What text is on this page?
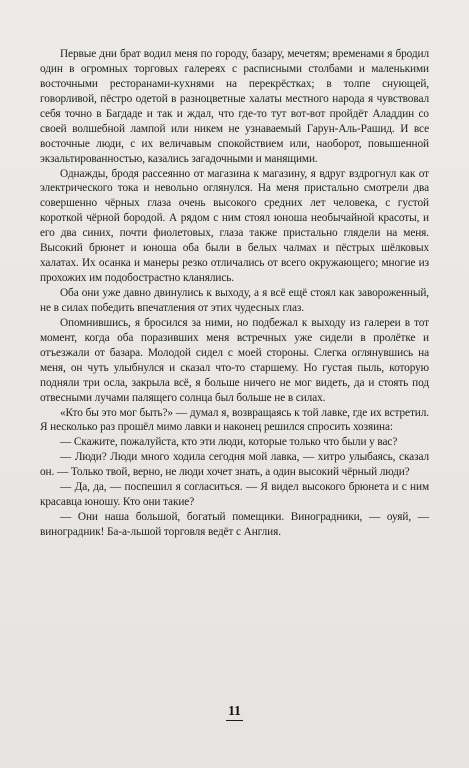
Первые дни брат водил меня по городу, базару, мечетям; временами я бродил один в огромных торговых галереях с расписными столбами и маленькими восточными ресторанами-кухнями на перекрёстках; в толпе снующей, говорливой, пёстро одетой в разноцветные халаты местного народа я чувствовал себя точно в Багдаде и так и ждал, что где-то тут вот-вот пройдёт Аладдин со своей волшебной лампой или никем не узнаваемый Гарун-Аль-Рашид. И все восточные люди, с их величавым спокойствием или, наоборот, повышенной экзальтированностью, казались загадочными и манящими.

Однажды, бродя рассеянно от магазина к магазину, я вдруг вздрогнул как от электрического тока и невольно оглянулся. На меня пристально смотрели два совершенно чёрных глаза очень высокого средних лет человека, с густой короткой чёрной бородой. А рядом с ним стоял юноша необычайной красоты, и его два синих, почти фиолетовых, глаза также пристально глядели на меня. Высокий брюнет и юноша оба были в белых чалмах и пёстрых шёлковых халатах. Их осанка и манеры резко отличались от всего окружающего; многие из прохожих им подобострастно кланялись.

Оба они уже давно двинулись к выходу, а я всё ещё стоял как завороженный, не в силах победить впечатления от этих чудесных глаз.

Опомнившись, я бросился за ними, но подбежал к выходу из галереи в тот момент, когда оба поразивших меня встречных уже сидели в пролётке и отъезжали от базара. Молодой сидел с моей стороны. Слегка оглянувшись на меня, он чуть улыбнулся и сказал что-то старшему. Но густая пыль, которую подняли три осла, закрыла всё, я больше ничего не мог видеть, да и стоять под отвесными лучами палящего солнца был больше не в силах.

«Кто бы это мог быть?» — думал я, возвращаясь к той лавке, где их встретил. Я несколько раз прошёл мимо лавки и наконец решился спросить хозяина:

— Скажите, пожалуйста, кто эти люди, которые только что были у вас?

— Люди? Люди много ходила сегодня мой лавка, — хитро улыбаясь, сказал он. — Только твой, верно, не люди хочет знать, а один высокий чёрный люди?

— Да, да, — поспешил я согласиться. — Я видел высокого брюнета и с ним красавца юношу. Кто они такие?

— Они наша большой, богатый помещики. Виноградники, — оуяй, — виноградник! Ба-а-льшой торговля ведёт с Англия.

11
